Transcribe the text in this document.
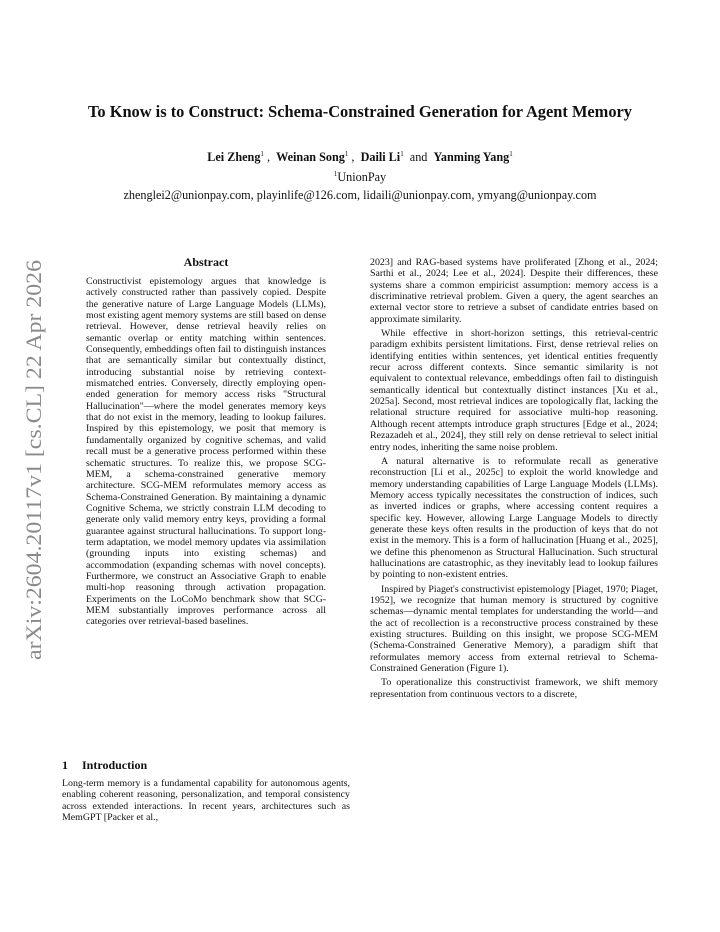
arXiv:2604.20117v1 [cs.CL] 22 Apr 2026
To Know is to Construct: Schema-Constrained Generation for Agent Memory
Lei Zheng$^1$ ,  Weinan Song$^1$ ,  Daili Li$^1$ and Yanming Yang$^1$
$^1$UnionPay
zhenglei2@unionpay.com, playinlife@126.com, lidaili@unionpay.com, ymyang@unionpay.com
Abstract
Constructivist epistemology argues that knowledge is actively constructed rather than passively copied. Despite the generative nature of Large Language Models (LLMs), most existing agent memory systems are still based on dense retrieval. However, dense retrieval heavily relies on semantic overlap or entity matching within sentences. Consequently, embeddings often fail to distinguish instances that are semantically similar but contextually distinct, introducing substantial noise by retrieving context-mismatched entries. Conversely, directly employing open-ended generation for memory access risks "Structural Hallucination"—where the model generates memory keys that do not exist in the memory, leading to lookup failures. Inspired by this epistemology, we posit that memory is fundamentally organized by cognitive schemas, and valid recall must be a generative process performed within these schematic structures. To realize this, we propose SCG-MEM, a schema-constrained generative memory architecture. SCG-MEM reformulates memory access as Schema-Constrained Generation. By maintaining a dynamic Cognitive Schema, we strictly constrain LLM decoding to generate only valid memory entry keys, providing a formal guarantee against structural hallucinations. To support long-term adaptation, we model memory updates via assimilation (grounding inputs into existing schemas) and accommodation (expanding schemas with novel concepts). Furthermore, we construct an Associative Graph to enable multi-hop reasoning through activation propagation. Experiments on the LoCoMo benchmark show that SCG-MEM substantially improves performance across all categories over retrieval-based baselines.
1 Introduction
Long-term memory is a fundamental capability for autonomous agents, enabling coherent reasoning, personalization, and temporal consistency across extended interactions. In recent years, architectures such as MemGPT [Packer et al.,

2023] and RAG-based systems have proliferated [Zhong et al., 2024; Sarthi et al., 2024; Lee et al., 2024]. Despite their differences, these systems share a common empiricist assumption: memory access is a discriminative retrieval problem. Given a query, the agent searches an external vector store to retrieve a subset of candidate entries based on approximate similarity.

While effective in short-horizon settings, this retrieval-centric paradigm exhibits persistent limitations. First, dense retrieval relies on identifying entities within sentences, yet identical entities frequently recur across different contexts. Since semantic similarity is not equivalent to contextual relevance, embeddings often fail to distinguish semantically identical but contextually distinct instances [Xu et al., 2025a]. Second, most retrieval indices are topologically flat, lacking the relational structure required for associative multi-hop reasoning. Although recent attempts introduce graph structures [Edge et al., 2024; Rezazadeh et al., 2024], they still rely on dense retrieval to select initial entry nodes, inheriting the same noise problem.

A natural alternative is to reformulate recall as generative reconstruction [Li et al., 2025c] to exploit the world knowledge and memory understanding capabilities of Large Language Models (LLMs). Memory access typically necessitates the construction of indices, such as inverted indices or graphs, where accessing content requires a specific key. However, allowing Large Language Models to directly generate these keys often results in the production of keys that do not exist in the memory. This is a form of hallucination [Huang et al., 2025], we define this phenomenon as Structural Hallucination. Such structural hallucinations are catastrophic, as they inevitably lead to lookup failures by pointing to non-existent entries.

Inspired by Piaget's constructivist epistemology [Piaget, 1970; Piaget, 1952], we recognize that human memory is structured by cognitive schemas—dynamic mental templates for understanding the world—and the act of recollection is a reconstructive process constrained by these existing structures. Building on this insight, we propose SCG-MEM (Schema-Constrained Generative Memory), a paradigm shift that reformulates memory access from external retrieval to Schema-Constrained Generation (Figure 1).

To operationalize this constructivist framework, we shift memory representation from continuous vectors to a discrete,
